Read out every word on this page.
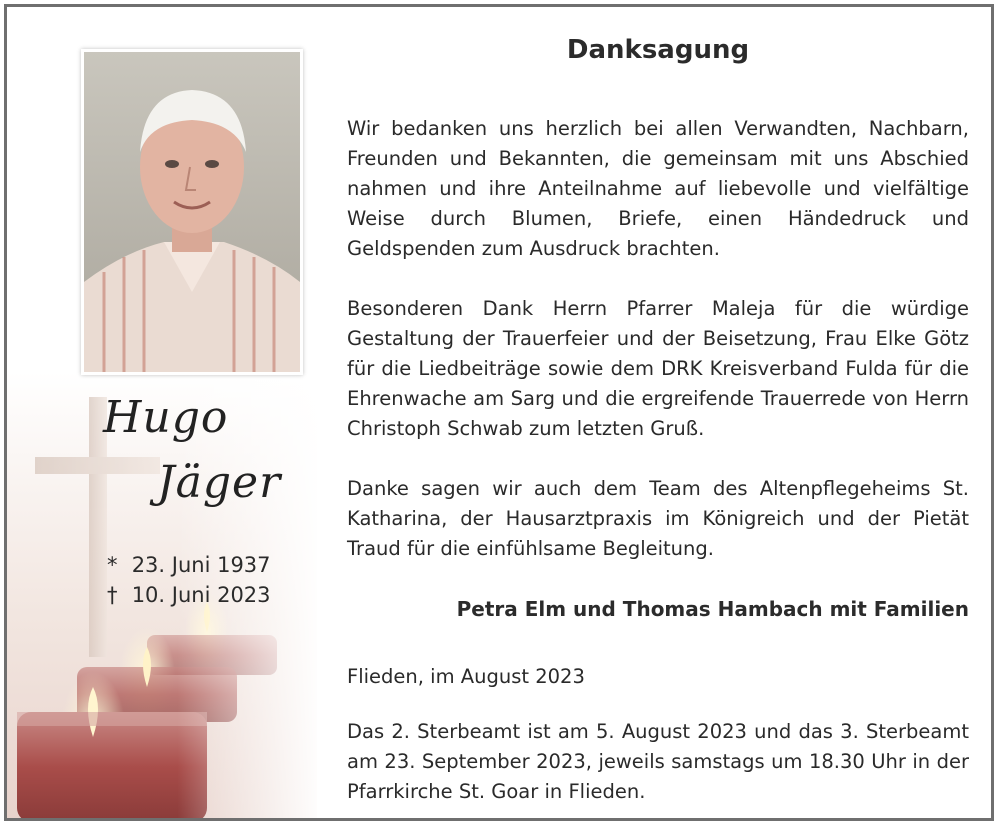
Hugo
Jäger
* 23. Juni 1937
† 10. Juni 2023
Danksagung
Wir bedanken uns herzlich bei allen Verwandten, Nachbarn, Freunden und Bekannten, die gemeinsam mit uns Abschied nahmen und ihre Anteilnahme auf liebevolle und vielfältige Weise durch Blumen, Briefe, einen Händedruck und Geldspenden zum Ausdruck brachten.
Besonderen Dank Herrn Pfarrer Maleja für die würdige Gestaltung der Trauerfeier und der Beisetzung, Frau Elke Götz für die Liedbeiträge sowie dem DRK Kreisverband Fulda für die Ehrenwache am Sarg und die ergreifende Trauerrede von Herrn Christoph Schwab zum letzten Gruß.
Danke sagen wir auch dem Team des Altenpflegeheims St. Katharina, der Hausarztpraxis im Königreich und der Pietät Traud für die einfühlsame Begleitung.
Petra Elm und Thomas Hambach mit Familien
Flieden, im August 2023
Das 2. Sterbeamt ist am 5. August 2023 und das 3. Sterbeamt am 23. September 2023, jeweils samstags um 18.30 Uhr in der Pfarrkirche St. Goar in Flieden.
